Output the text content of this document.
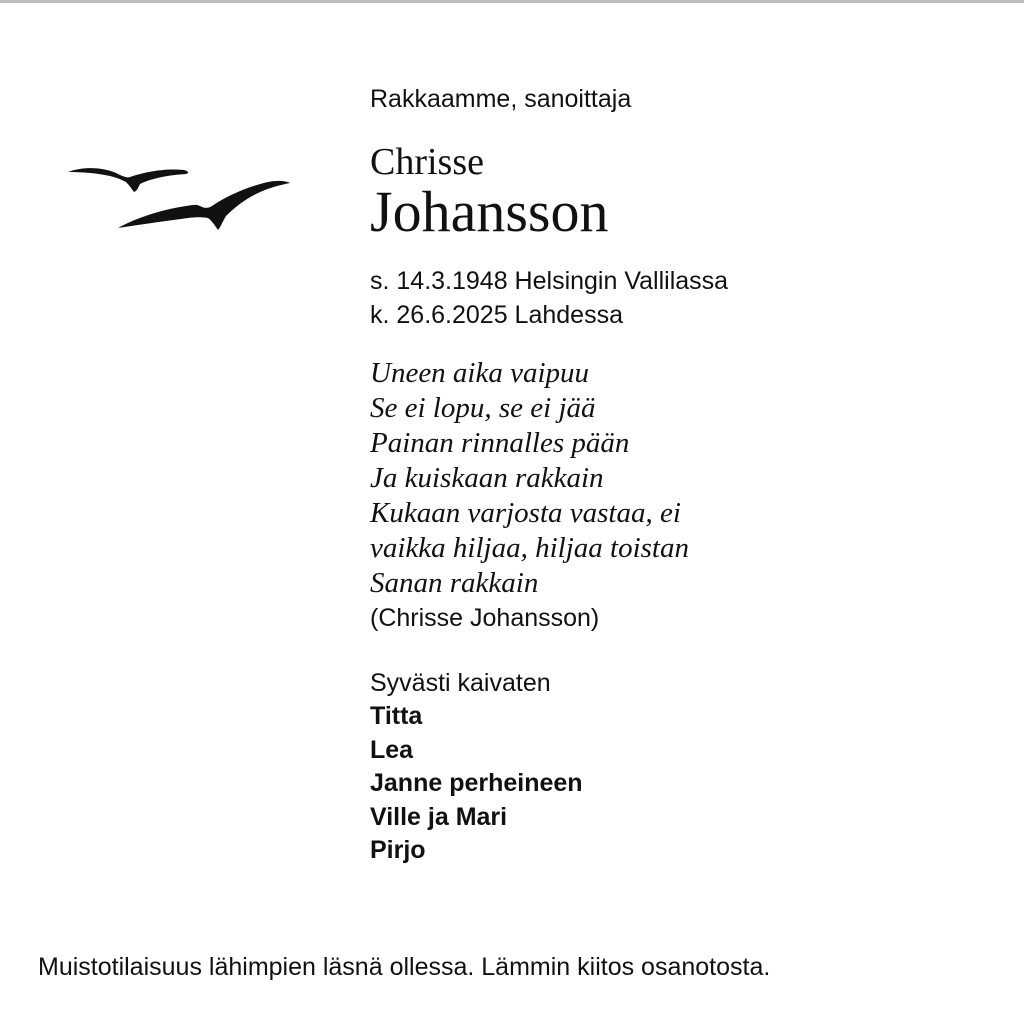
Rakkaamme, sanoittaja
Chrisse
Johansson
s. 14.3.1948 Helsingin Vallilassa
k. 26.6.2025 Lahdessa
Uneen aika vaipuu
Se ei lopu, se ei jää
Painan rinnalles pään
Ja kuiskaan rakkain
Kukaan varjosta vastaa, ei
vaikka hiljaa, hiljaa toistan
Sanan rakkain
(Chrisse Johansson)
Syvästi kaivaten
Titta
Lea
Janne perheineen
Ville ja Mari
Pirjo
Muistotilaisuus lähimpien läsnä ollessa. Lämmin kiitos osanotosta.
